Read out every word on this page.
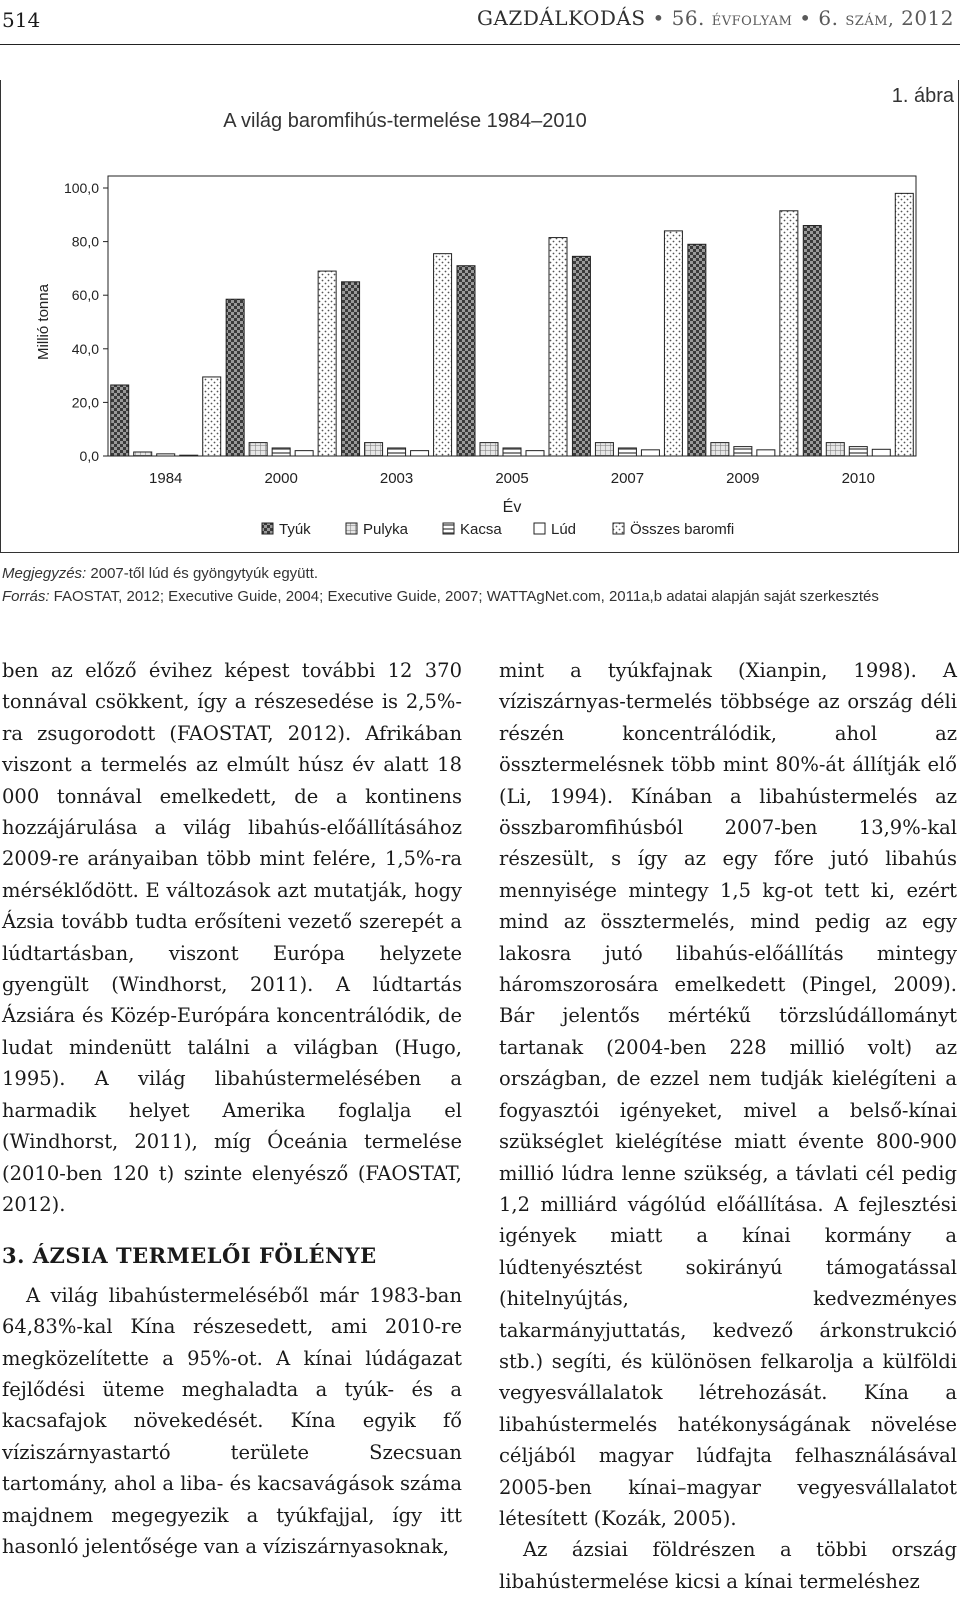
514	GAZDÁLKODÁS • 56. évfolyam • 6. szám, 2012
1. ábra
A világ baromfihús-termelése 1984–2010
0,0
20,0
40,0
60,0
80,0
100,0
Millió tonna
1984	2000	2003	2005	2007	2009	2010
Év
Tyúk	Pulyka	Kacsa	Lúd	Összes baromfi
Megjegyzés: 2007-től lúd és gyöngytyúk együtt.
Forrás: FAOSTAT, 2012; Executive Guide, 2004; Executive Guide, 2007; WATTAgNet.com, 2011a,b adatai alapján saját szerkesztés

ben az előző évihez képest további 12 370 tonnával csökkent, így a részesedése is 2,5%-ra zsugorodott (FAOSTAT, 2012). Afrikában viszont a termelés az elmúlt húsz év alatt 18 000 tonnával emelkedett, de a kontinens hozzájárulása a világ libahús-előállításához 2009-re arányaiban több mint felére, 1,5%-ra mérséklődött. E változások azt mutatják, hogy Ázsia tovább tudta erősíteni vezető szerepét a lúdtartásban, viszont Európa helyzete gyengült (Windhorst, 2011). A lúdtartás Ázsiára és Közép-Európára koncentrálódik, de ludat mindenütt találni a világban (Hugo, 1995). A világ libahústermelésében a harmadik helyet Amerika foglalja el (Windhorst, 2011), míg Óceánia termelése (2010-ben 120 t) szinte elenyésző (FAOSTAT, 2012).

3. ÁZSIA TERMELŐI FÖLÉNYE

A világ libahústermeléséből már 1983-ban 64,83%-kal Kína részesedett, ami 2010-re megközelítette a 95%-ot. A kínai lúdágazat fejlődési üteme meghaladta a tyúk- és a kacsafajok növekedését. Kína egyik fő víziszárnyastartó területe Szecsuan tartomány, ahol a liba- és kacsavágások száma majdnem megegyezik a tyúkfajjal, így itt hasonló jelentősége van a víziszárnyasoknak,

mint a tyúkfajnak (Xianpin, 1998). A víziszárnyas-termelés többsége az ország déli részén koncentrálódik, ahol az össztermelésnek több mint 80%-át állítják elő (Li, 1994). Kínában a libahústermelés az összbaromfihúsból 2007-ben 13,9%-kal részesült, s így az egy főre jutó libahús mennyisége mintegy 1,5 kg-ot tett ki, ezért mind az össztermelés, mind pedig az egy lakosra jutó libahús-előállítás mintegy háromszorosára emelkedett (Pingel, 2009). Bár jelentős mértékű törzslúdállományt tartanak (2004-ben 228 millió volt) az országban, de ezzel nem tudják kielégíteni a fogyasztói igényeket, mivel a belső-kínai szükséglet kielégítése miatt évente 800-900 millió lúdra lenne szükség, a távlati cél pedig 1,2 milliárd vágólúd előállítása. A fejlesztési igények miatt a kínai kormány a lúdtenyésztést sokirányú támogatással (hitelnyújtás, kedvezményes takarmányjuttatás, kedvező árkonstrukció stb.) segíti, és különösen felkarolja a külföldi vegyesvállalatok létrehozását. Kína a libahústermelés hatékonyságának növelése céljából magyar lúdfajta felhasználásával 2005-ben kínai–magyar vegyesvállalatot létesített (Kozák, 2005).

Az ázsiai földrészen a többi ország libahústermelése kicsi a kínai termeléshez
